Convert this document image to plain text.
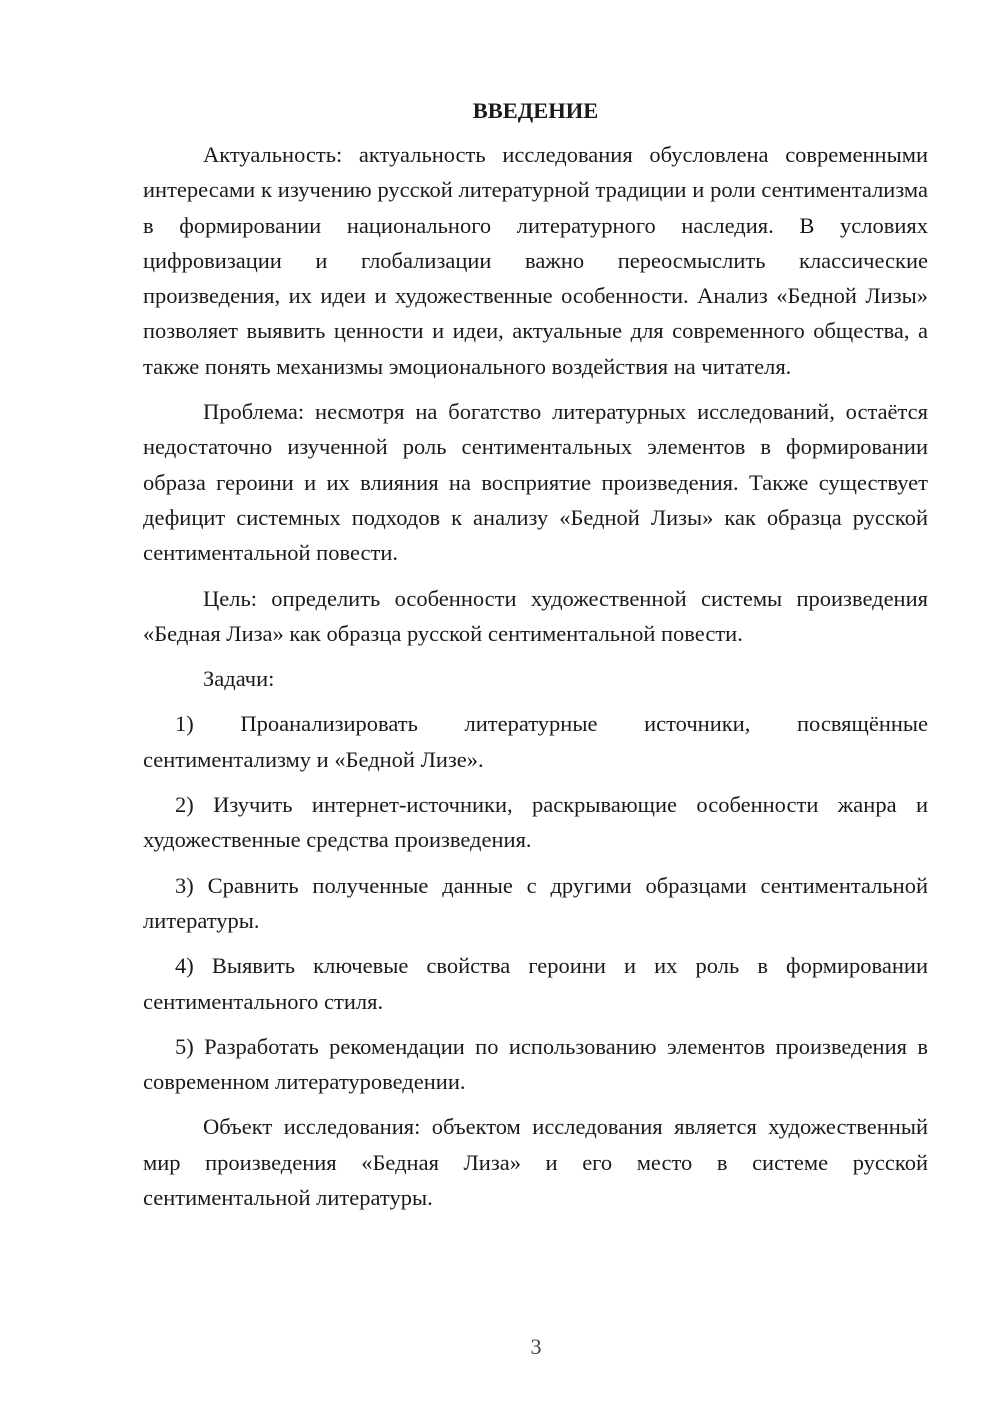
ВВЕДЕНИЕ

Актуальность: актуальность исследования обусловлена современными интересами к изучению русской литературной традиции и роли сентиментализма в формировании национального литературного наследия. В условиях цифровизации и глобализации важно переосмыслить классические произведения, их идеи и художественные особенности. Анализ «Бедной Лизы» позволяет выявить ценности и идеи, актуальные для современного общества, а также понять механизмы эмоционального воздействия на читателя.

Проблема: несмотря на богатство литературных исследований, остаётся недостаточно изученной роль сентиментальных элементов в формировании образа героини и их влияния на восприятие произведения. Также существует дефицит системных подходов к анализу «Бедной Лизы» как образца русской сентиментальной повести.

Цель: определить особенности художественной системы произведения «Бедная Лиза» как образца русской сентиментальной повести.

Задачи:

1) Проанализировать литературные источники, посвящённые сентиментализму и «Бедной Лизе».

2) Изучить интернет-источники, раскрывающие особенности жанра и художественные средства произведения.

3) Сравнить полученные данные с другими образцами сентиментальной литературы.

4) Выявить ключевые свойства героини и их роль в формировании сентиментального стиля.

5) Разработать рекомендации по использованию элементов произведения в современном литературоведении.

Объект исследования: объектом исследования является художественный мир произведения «Бедная Лиза» и его место в системе русской сентиментальной литературы.

3
